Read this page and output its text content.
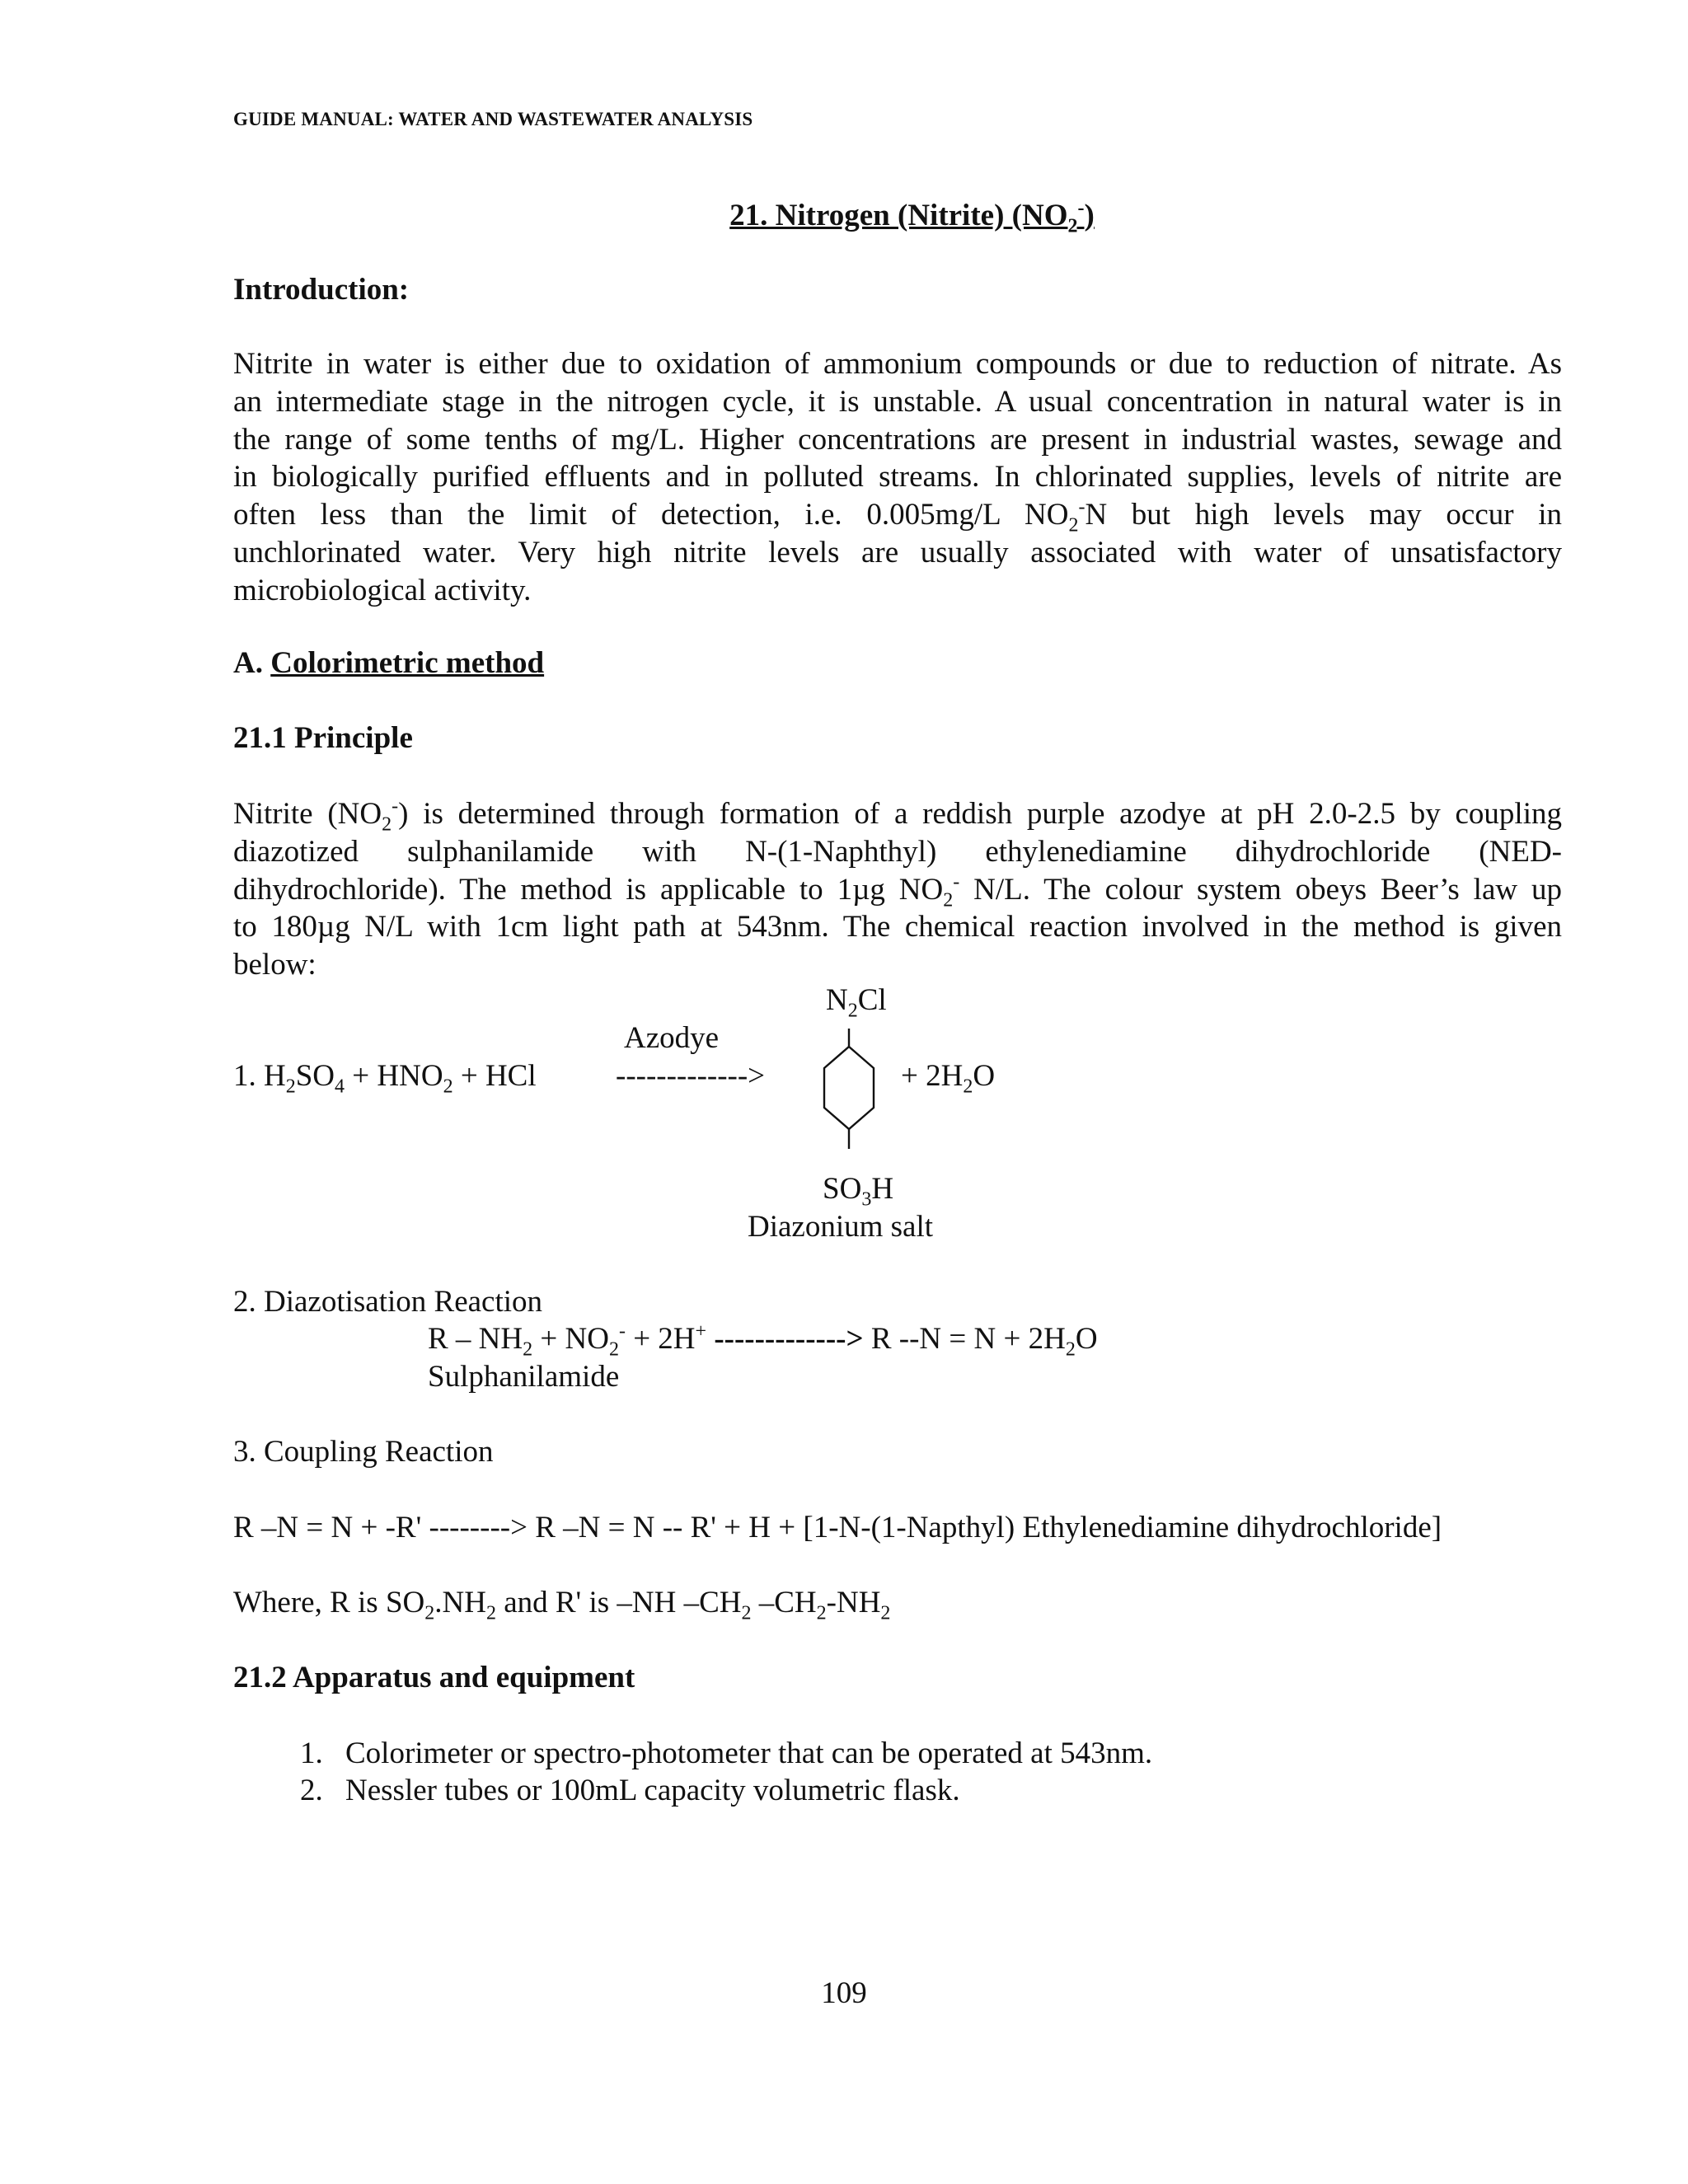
GUIDE MANUAL: WATER AND WASTEWATER ANALYSIS
21. Nitrogen (Nitrite) $(NO_2^-)$
Introduction:
Nitrite in water is either due to oxidation of ammonium compounds or due to reduction of nitrate. As
an intermediate stage in the nitrogen cycle, it is unstable. A usual concentration in natural water is in
the range of some tenths of mg/L. Higher concentrations are present in industrial wastes, sewage and
in biologically purified effluents and in polluted streams. In chlorinated supplies, levels of nitrite are
often less than the limit of detection, i.e. 0.005mg/L $NO_2^-N$ but high levels may occur in
unchlorinated water. Very high nitrite levels are usually associated with water of unsatisfactory
microbiological activity.
A. Colorimetric method
21.1 Principle
Nitrite $(NO_2^-)$ is determined through formation of a reddish purple azodye at pH 2.0-2.5 by coupling
diazotized sulphanilamide with N-(1-Naphthyl) ethylenediamine dihydrochloride (NED-
dihydrochloride). The method is applicable to 1µg $NO_2^-$ N/L. The colour system obeys Beer’s law up
to 180µg N/L with 1cm light path at 543nm. The chemical reaction involved in the method is given
below:
$N_2Cl$
Azodye
1. $H_2SO_4 + HNO_2$ + HCl	------------->	+ $2H_2O$
$SO_3H$
Diazonium salt
2. Diazotisation Reaction
$R - NH_2 + NO_2^- + 2H^+$ -------------> R $--N = N + 2H_2O$
Sulphanilamide
3. Coupling Reaction
R –N = N + -R' --------> R –N = N -- R' + H + [1-N-(1-Napthyl) Ethylenediamine dihydrochloride]
Where, R is $SO_2.NH_2$ and R' is –NH $-CH_2$ $-CH_2-NH_2$
21.2 Apparatus and equipment
1. Colorimeter or spectro-photometer that can be operated at 543nm.
2. Nessler tubes or 100mL capacity volumetric flask.
109
